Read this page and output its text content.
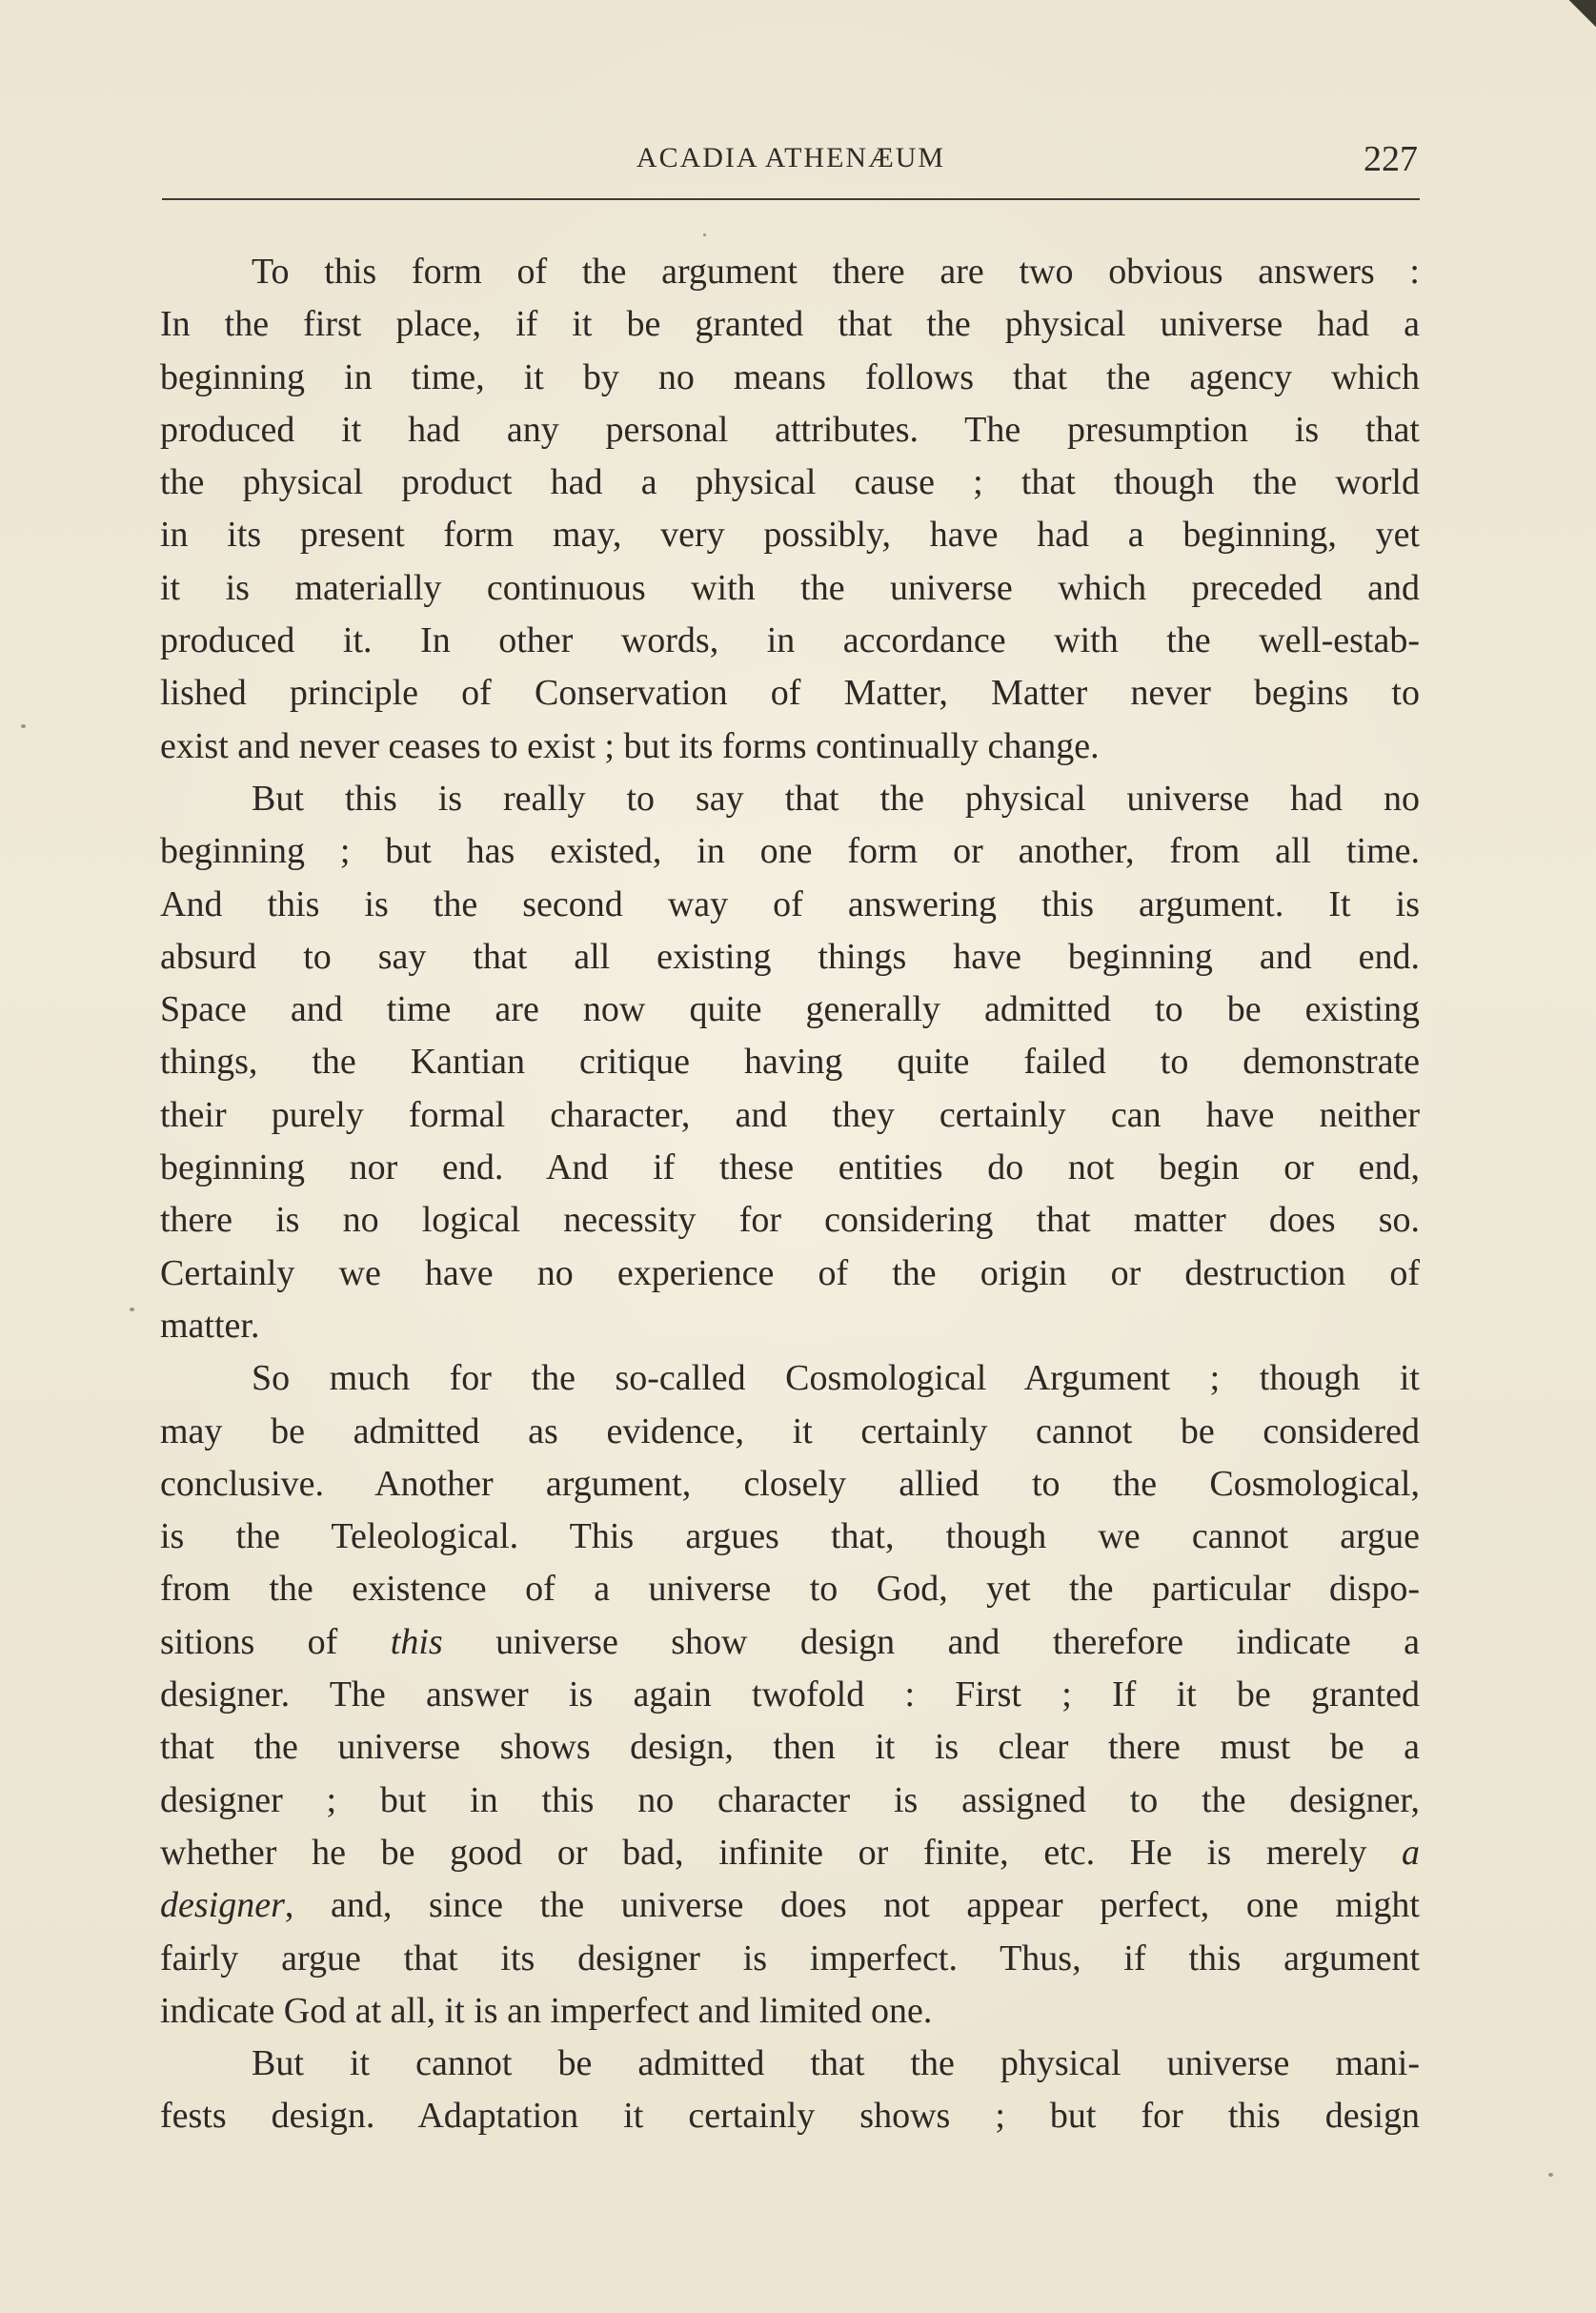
ACADIA ATHENÆUM	227
To this form of the argument there are two obvious answers :
In the first place, if it be granted that the physical universe had a
beginning in time, it by no means follows that the agency which
produced it had any personal attributes. The presumption is that
the physical product had a physical cause ; that though the world
in its present form may, very possibly, have had a beginning, yet
it is materially continuous with the universe which preceded and
produced it. In other words, in accordance with the well-estab-
lished principle of Conservation of Matter, Matter never begins to
exist and never ceases to exist ; but its forms continually change.
But this is really to say that the physical universe had no
beginning ; but has existed, in one form or another, from all time.
And this is the second way of answering this argument. It is
absurd to say that all existing things have beginning and end.
Space and time are now quite generally admitted to be existing
things, the Kantian critique having quite failed to demonstrate
their purely formal character, and they certainly can have neither
beginning nor end. And if these entities do not begin or end,
there is no logical necessity for considering that matter does so.
Certainly we have no experience of the origin or destruction of
matter.
So much for the so-called Cosmological Argument ; though it
may be admitted as evidence, it certainly cannot be considered
conclusive. Another argument, closely allied to the Cosmological,
is the Teleological. This argues that, though we cannot argue
from the existence of a universe to God, yet the particular dispo-
sitions of this universe show design and therefore indicate a
designer. The answer is again twofold : First ; If it be granted
that the universe shows design, then it is clear there must be a
designer ; but in this no character is assigned to the designer,
whether he be good or bad, infinite or finite, etc. He is merely a
designer, and, since the universe does not appear perfect, one might
fairly argue that its designer is imperfect. Thus, if this argument
indicate God at all, it is an imperfect and limited one.
But it cannot be admitted that the physical universe mani-
fests design. Adaptation it certainly shows ; but for this design
